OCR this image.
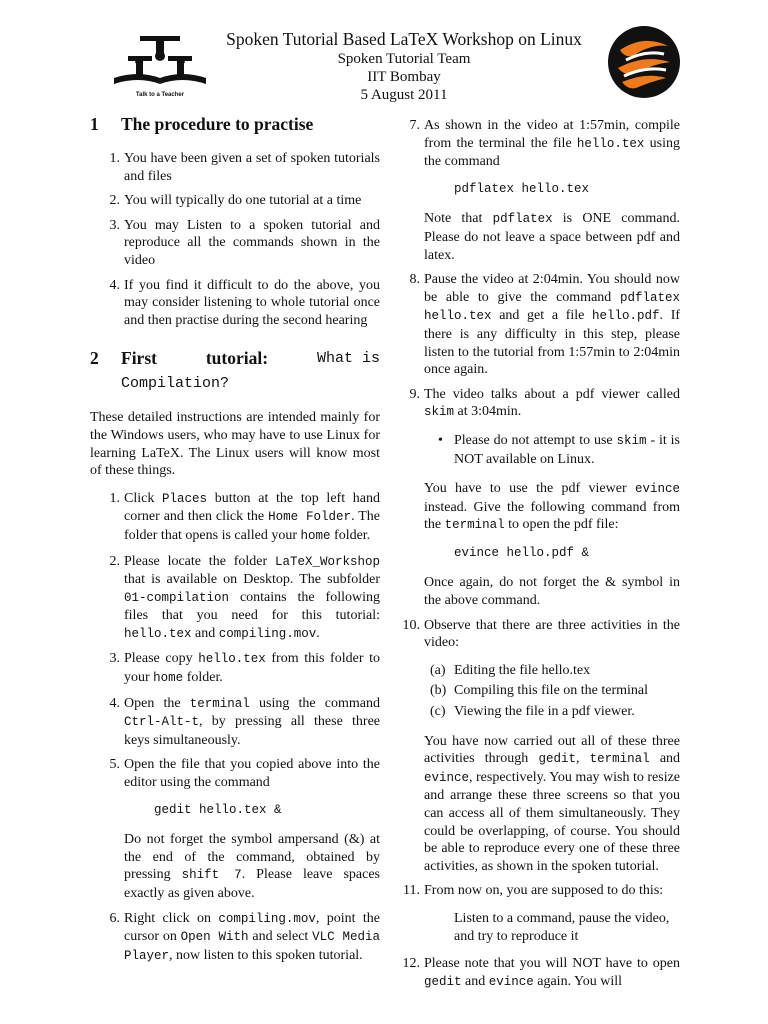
Talk to a Teacher
Spoken Tutorial Based LaTeX Workshop on Linux
Spoken Tutorial Team
IIT Bombay
5 August 2011
1 The procedure to practise
1. You have been given a set of spoken tutorials and files
2. You will typically do one tutorial at a time
3. You may Listen to a spoken tutorial and reproduce all the commands shown in the video
4. If you find it difficult to do the above, you may consider listening to whole tutorial once and then practise during the second hearing
2 First	tutorial:	What is
Compilation?

These detailed instructions are intended mainly for the Windows users, who may have to use Linux for learning LaTeX. The Linux users will know most of these things.

1. Click Places button at the top left hand corner and then click the Home Folder. The folder that opens is called your home folder.
2. Please locate the folder LaTeX_Workshop that is available on Desktop. The subfolder 01-compilation contains the following files that you need for this tutorial: hello.tex and compiling.mov.
3. Please copy hello.tex from this folder to your home folder.
4. Open the terminal using the command Ctrl-Alt-t, by pressing all these three keys simultaneously.
5. Open the file that you copied above into the editor using the command
gedit hello.tex &
Do not forget the symbol ampersand (&) at the end of the command, obtained by pressing shift 7. Please leave spaces exactly as given above.
6. Right click on compiling.mov, point the cursor on Open With and select VLC Media Player, now listen to this spoken tutorial.
7. As shown in the video at 1:57min, compile from the terminal the file hello.tex using the command
pdflatex hello.tex
Note that pdflatex is ONE command. Please do not leave a space between pdf and latex.
8. Pause the video at 2:04min. You should now be able to give the command pdflatex hello.tex and get a file hello.pdf. If there is any difficulty in this step, please listen to the tutorial from 1:57min to 2:04min once again.
9. The video talks about a pdf viewer called skim at 3:04min.
• Please do not attempt to use skim - it is NOT available on Linux.
You have to use the pdf viewer evince instead. Give the following command from the terminal to open the pdf file:
evince hello.pdf &
Once again, do not forget the & symbol in the above command.
10. Observe that there are three activities in the video:
(a) Editing the file hello.tex
(b) Compiling this file on the terminal
(c) Viewing the file in a pdf viewer.
You have now carried out all of these three activities through gedit, terminal and evince, respectively. You may wish to resize and arrange these three screens so that you can access all of them simultaneously. They could be overlapping, of course. You should be able to reproduce every one of these three activities, as shown in the spoken tutorial.
11. From now on, you are supposed to do this:
Listen to a command, pause the video, and try to reproduce it
12. Please note that you will NOT have to open gedit and evince again. You will
